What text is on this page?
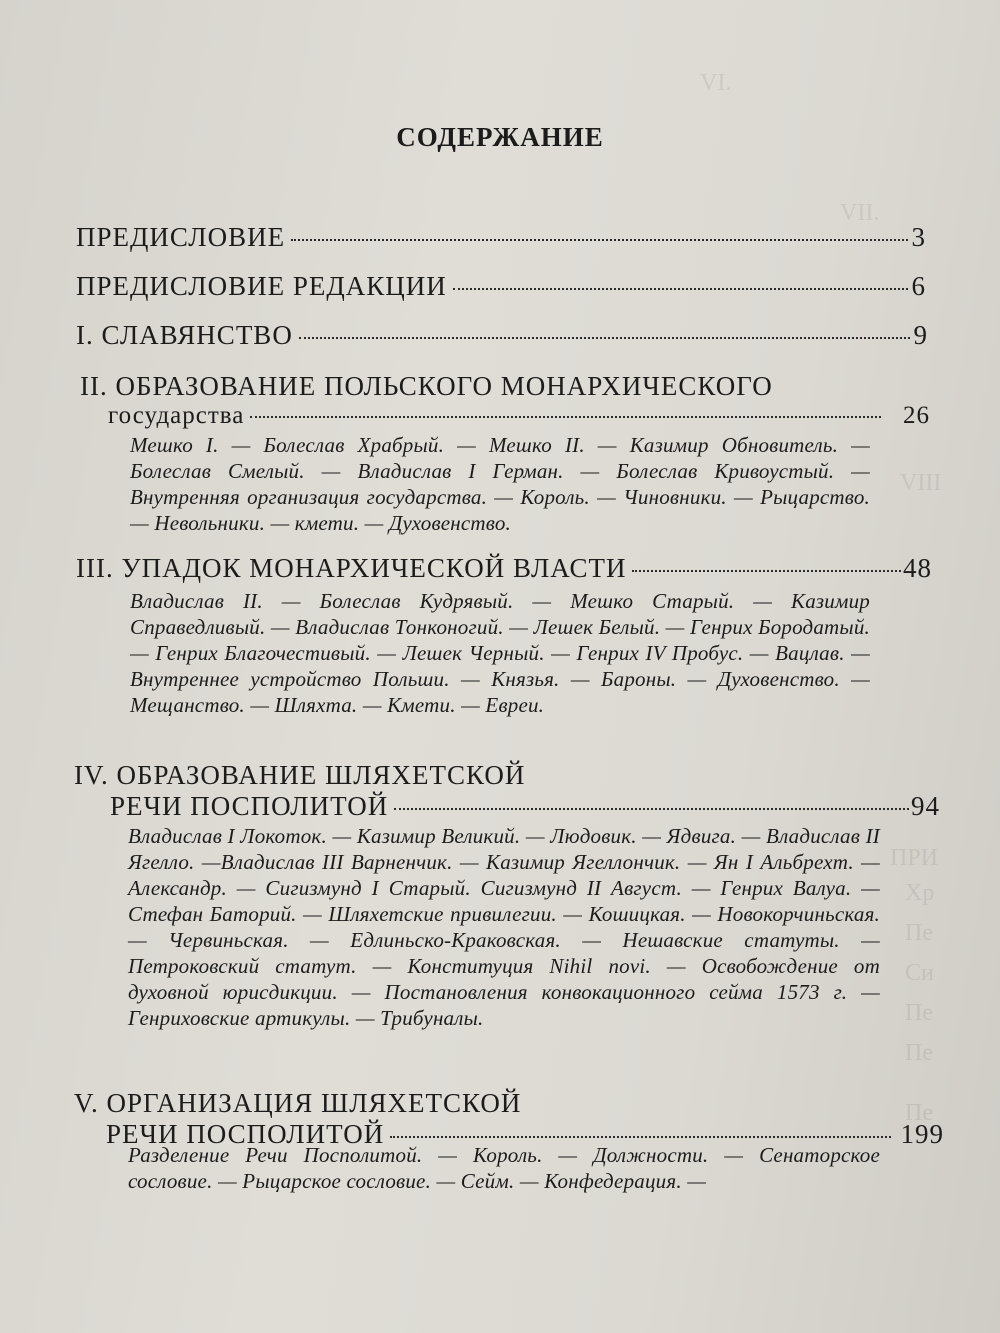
VI.
VII.
VIII
ПРИ
Хр
Пе
Си
Пе
Пе
Пе
СОДЕРЖАНИЕ
ПРЕДИСЛОВИЕ	3
ПРЕДИСЛОВИЕ РЕДАКЦИИ	6
I. СЛАВЯНСТВО	9
II. ОБРАЗОВАНИЕ ПОЛЬСКОГО МОНАРХИЧЕСКОГО
государства	26
Мешко I. — Болеслав Храбрый. — Мешко II. — Казимир Обновитель. — Болеслав Смелый. — Владислав I Герман. — Болеслав Кривоустый. — Внутренняя организация государства. — Король. — Чиновники. — Рыцарство. — Невольники. — кмети. — Духовенство.
III. УПАДОК МОНАРХИЧЕСКОЙ ВЛАСТИ	48
Владислав II. — Болеслав Кудрявый. — Мешко Старый. — Казимир Справедливый. — Владислав Тонконогий. — Лешек Белый. — Генрих Бородатый. — Генрих Благочестивый. — Лешек Черный. — Генрих IV Пробус. — Вацлав. — Внутреннее устройство Польши. — Князья. — Бароны. — Духовенство. —Мещанство. — Шляхта. — Кмети. — Евреи.
IV. ОБРАЗОВАНИЕ ШЛЯХЕТСКОЙ
РЕЧИ ПОСПОЛИТОЙ	94
Владислав I Локоток. — Казимир Великий. — Людовик. — Ядвига. — Владислав II Ягелло. —Владислав III Варненчик. — Казимир Ягеллончик. — Ян I Альбрехт. — Александр. — Сигизмунд I Старый. Сигизмунд II Август. — Генрих Валуа. — Стефан Баторий. — Шляхетские привилегии. — Кошицкая. — Новокорчиньская. — Червиньская. — Едлиньско-Краковская. — Нешавские статуты. — Петроковский статут. — Конституция Nihil novi. — Освобождение от духовной юрисдикции. — Постановления конвокационного сейма 1573 г. — Генриховские артикулы. — Трибуналы.
V. ОРГАНИЗАЦИЯ ШЛЯХЕТСКОЙ
РЕЧИ ПОСПОЛИТОЙ	199
Разделение Речи Посполитой. — Король. — Должности. — Сенаторское сословие. — Рыцарское сословие. — Сейм. — Конфедерация. —
